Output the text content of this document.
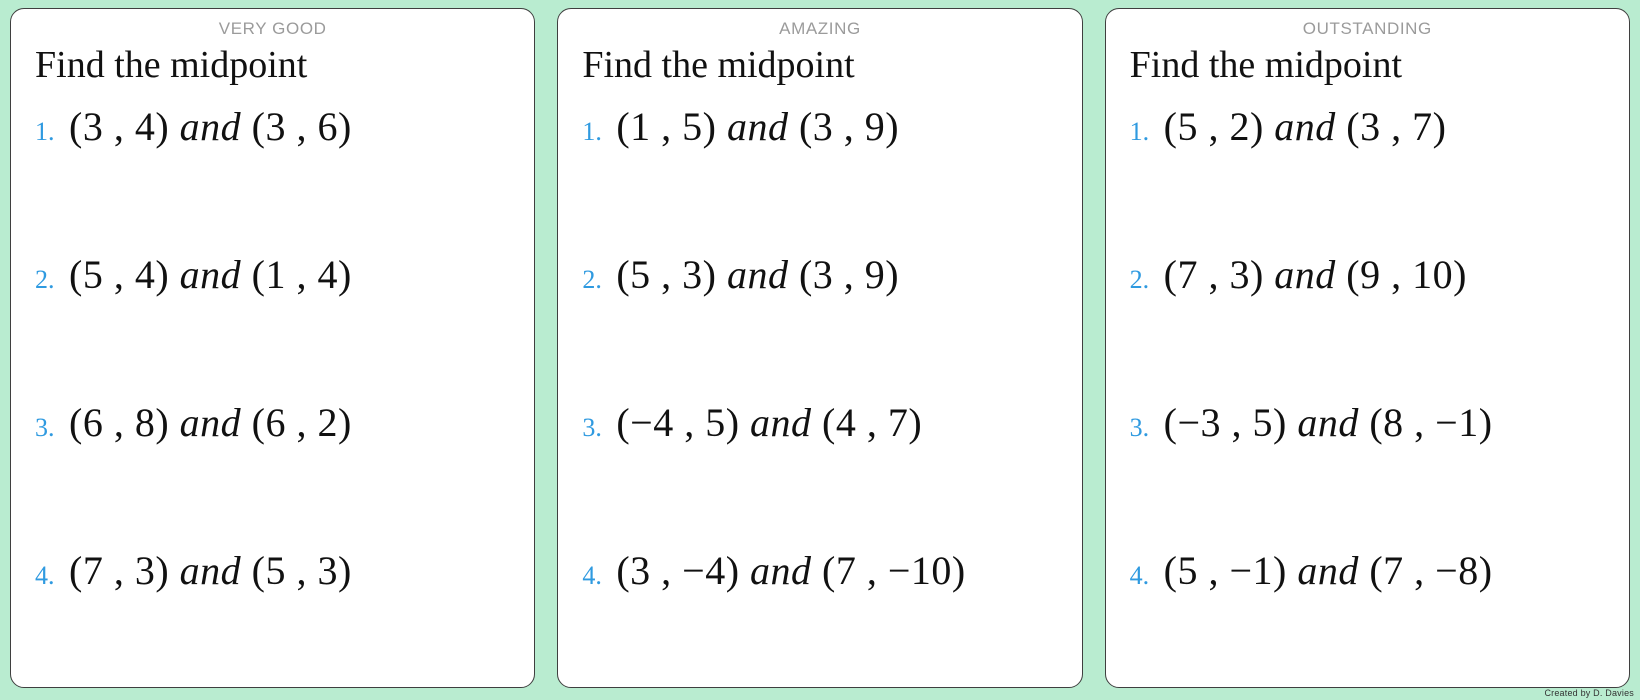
VERY GOOD
Find the midpoint
1. (3 , 4) and (3 , 6)
2. (5 , 4) and (1 , 4)
3. (6 , 8) and (6 , 2)
4. (7 , 3) and (5 , 3)
AMAZING
Find the midpoint
1. (1 , 5) and (3 , 9)
2. (5 , 3) and (3 , 9)
3. (−4 , 5) and (4 , 7)
4. (3 , −4) and (7 , −10)
OUTSTANDING
Find the midpoint
1. (5 , 2) and (3 , 7)
2. (7 , 3) and (9 , 10)
3. (−3 , 5) and (8 , −1)
4. (5 , −1) and (7 , −8)
Created by D. Davies
